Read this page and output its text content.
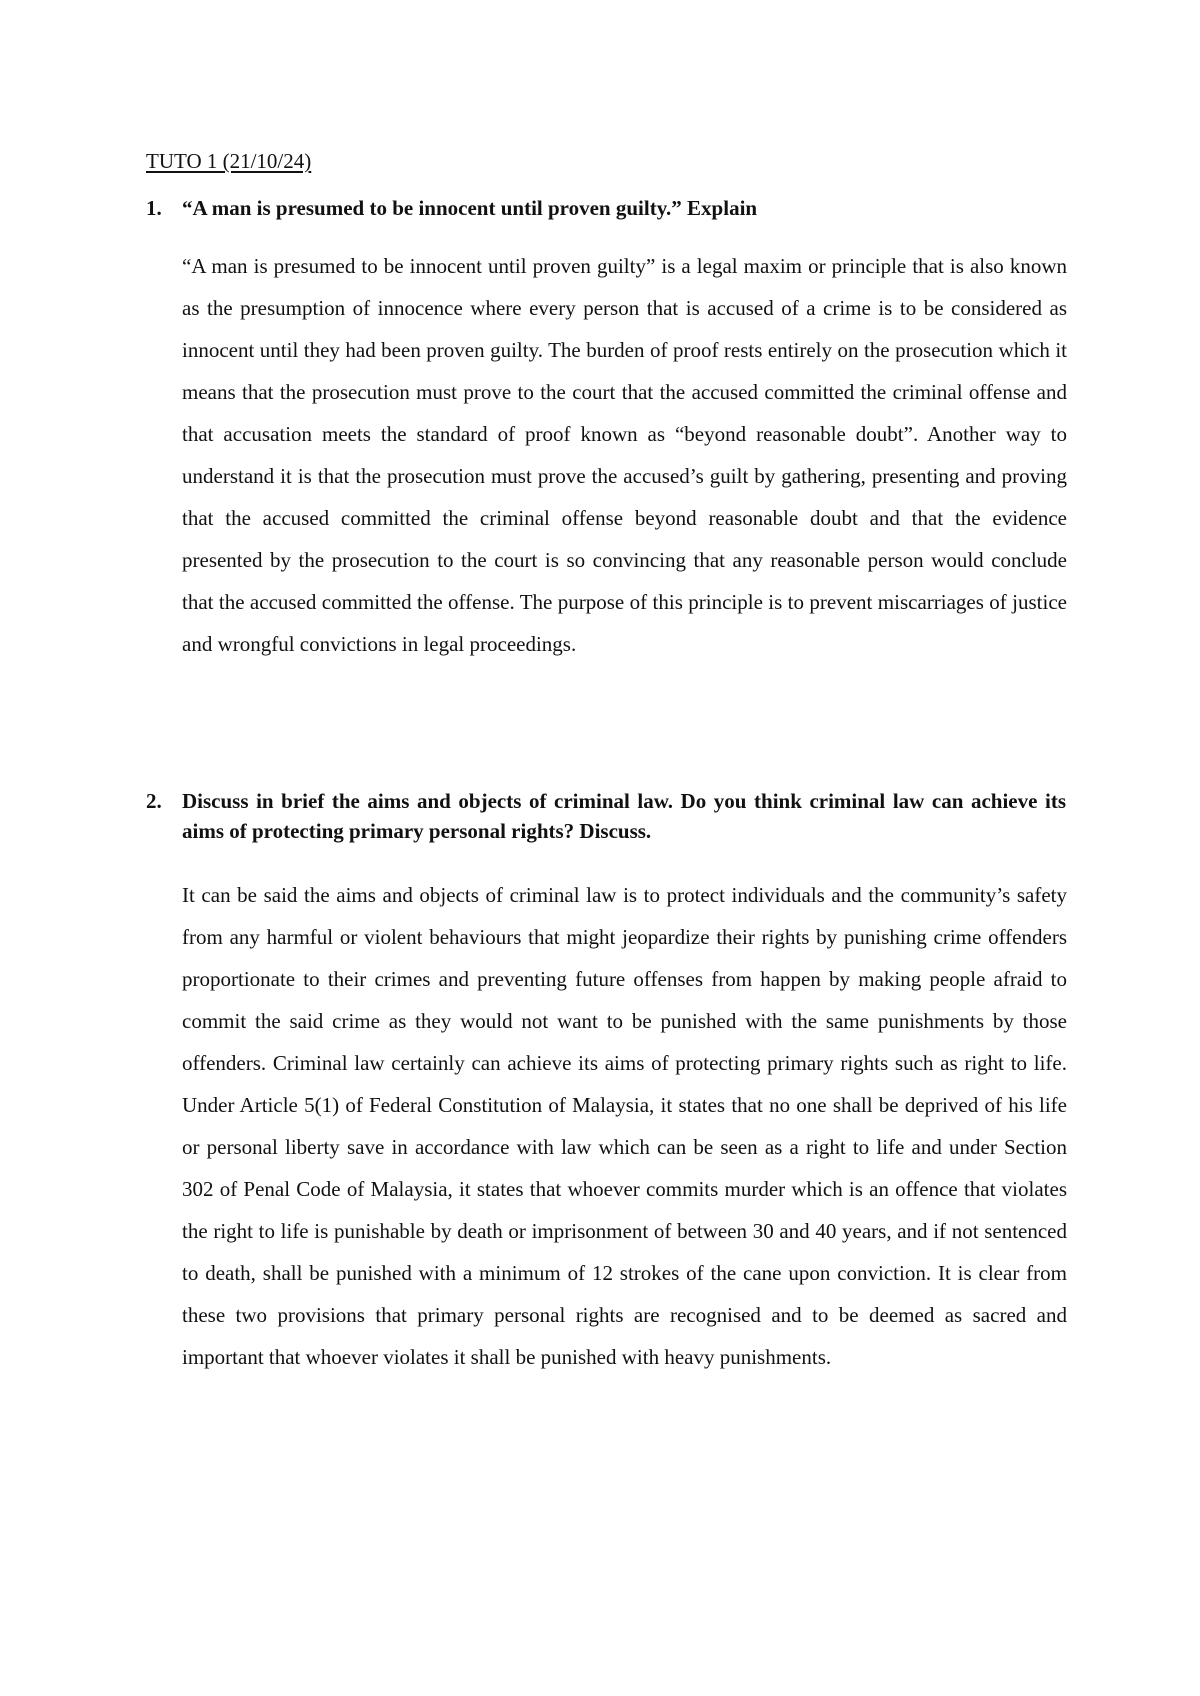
TUTO 1 (21/10/24)
1. “A man is presumed to be innocent until proven guilty.” Explain

“A man is presumed to be innocent until proven guilty” is a legal maxim or principle that is also known as the presumption of innocence where every person that is accused of a crime is to be considered as innocent until they had been proven guilty. The burden of proof rests entirely on the prosecution which it means that the prosecution must prove to the court that the accused committed the criminal offense and that accusation meets the standard of proof known as “beyond reasonable doubt”. Another way to understand it is that the prosecution must prove the accused’s guilt by gathering, presenting and proving that the accused committed the criminal offense beyond reasonable doubt and that the evidence presented by the prosecution to the court is so convincing that any reasonable person would conclude that the accused committed the offense. The purpose of this principle is to prevent miscarriages of justice and wrongful convictions in legal proceedings.

2. Discuss in brief the aims and objects of criminal law. Do you think criminal law can achieve its aims of protecting primary personal rights? Discuss.

It can be said the aims and objects of criminal law is to protect individuals and the community’s safety from any harmful or violent behaviours that might jeopardize their rights by punishing crime offenders proportionate to their crimes and preventing future offenses from happen by making people afraid to commit the said crime as they would not want to be punished with the same punishments by those offenders. Criminal law certainly can achieve its aims of protecting primary rights such as right to life. Under Article 5(1) of Federal Constitution of Malaysia, it states that no one shall be deprived of his life or personal liberty save in accordance with law which can be seen as a right to life and under Section 302 of Penal Code of Malaysia, it states that whoever commits murder which is an offence that violates the right to life is punishable by death or imprisonment of between 30 and 40 years, and if not sentenced to death, shall be punished with a minimum of 12 strokes of the cane upon conviction. It is clear from these two provisions that primary personal rights are recognised and to be deemed as sacred and important that whoever violates it shall be punished with heavy punishments.
